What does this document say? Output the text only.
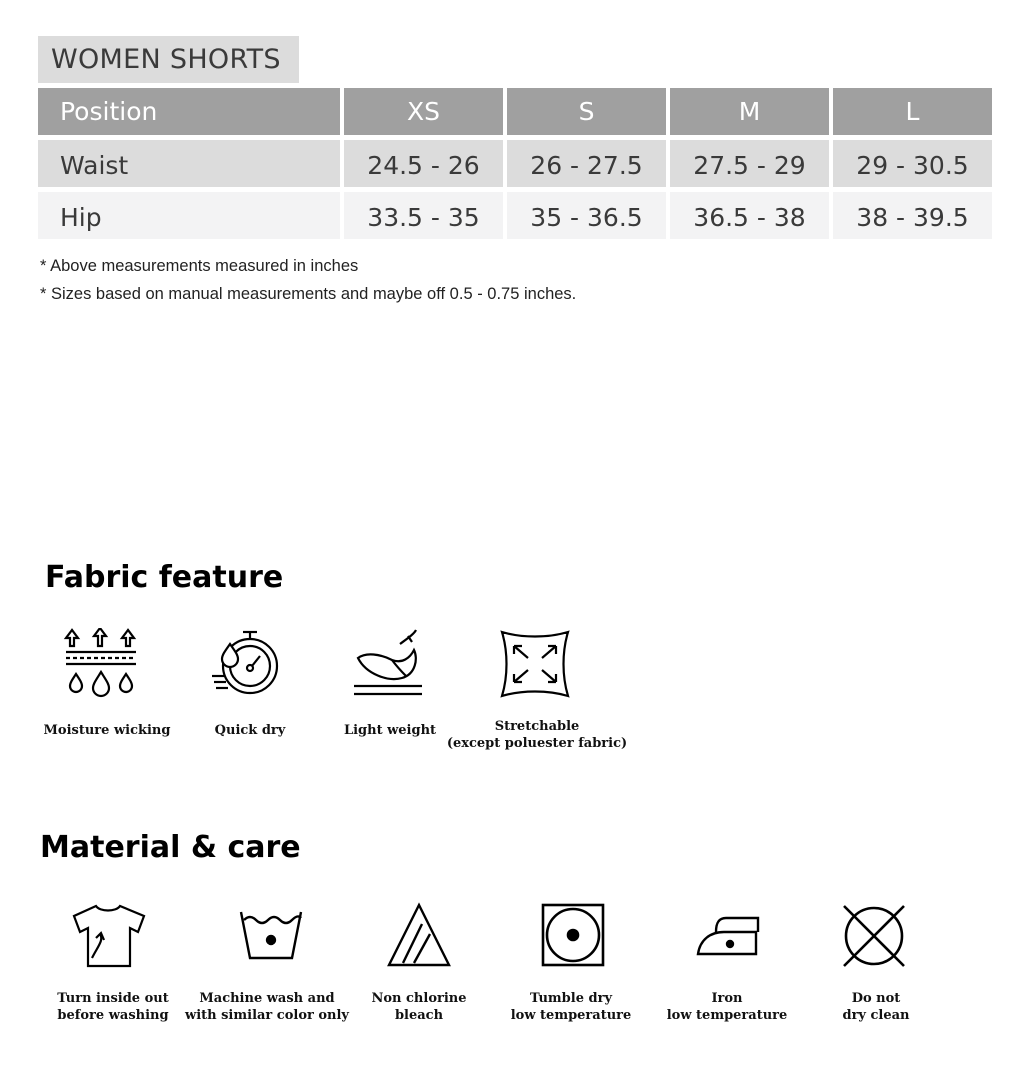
WOMEN SHORTS
Position	XS	S	M	L
Waist	24.5 - 26	26 - 27.5	27.5 - 29	29 - 30.5
Hip	33.5 - 35	35 - 36.5	36.5 - 38	38 - 39.5
* Above measurements measured in inches
* Sizes based on manual measurements and maybe off 0.5 - 0.75 inches.
Fabric feature
Moisture wicking	Quick dry	Light weight	Stretchable
(except poluester fabric)
Material & care
Turn inside out
before washing
Machine wash and
with similar color only
Non chlorine
bleach
Tumble dry
low temperature
Iron
low temperature
Do not
dry clean
